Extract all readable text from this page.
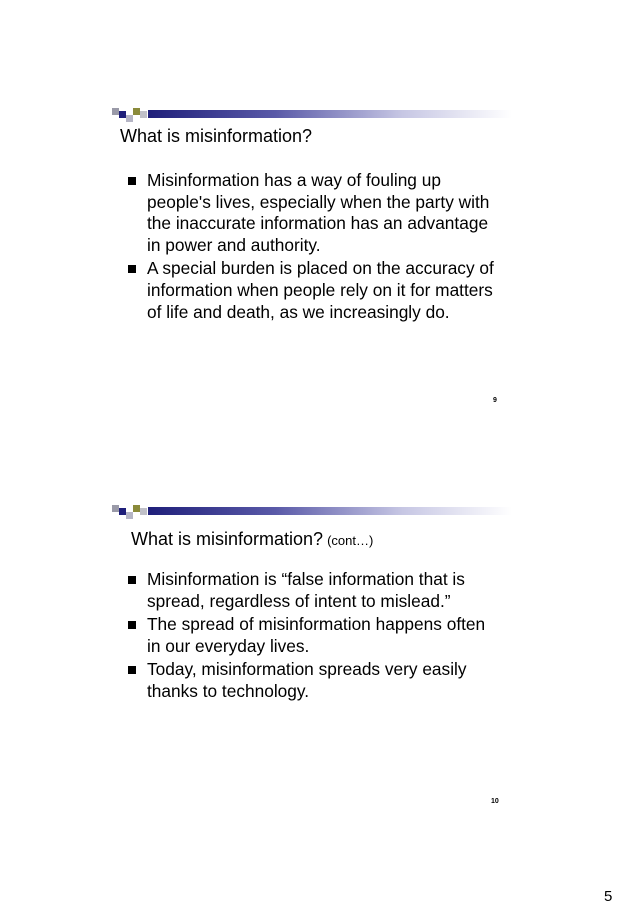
What is misinformation?
Misinformation has a way of fouling up people's lives, especially when the party with the inaccurate information has an advantage in power and authority.
A special burden is placed on the accuracy of information when people rely on it for matters of life and death, as we increasingly do.
9
What is misinformation? (cont…)
Misinformation is “false information that is spread, regardless of intent to mislead.”
The spread of misinformation happens often in our everyday lives.
Today, misinformation spreads very easily thanks to technology.
10
5
